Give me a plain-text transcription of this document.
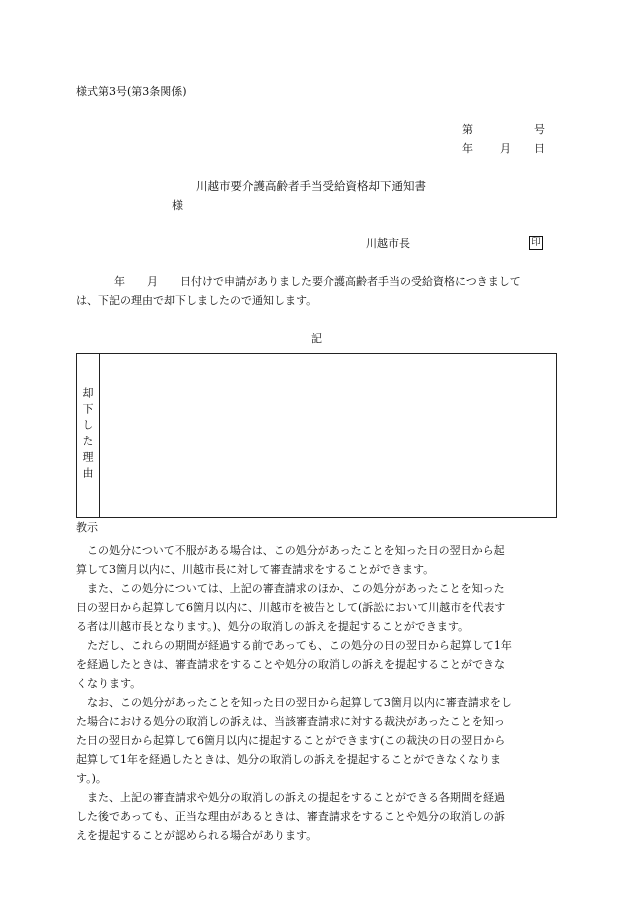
様式第3号(第3条関係)
第	号
年 月 日
川越市要介護高齢者手当受給資格却下通知書
様
川越市長	印
年 月 日付けで申請がありました要介護高齢者手当の受給資格につきまして
は、下記の理由で却下しましたので通知します。
記
却下した理由
教示
　この処分について不服がある場合は、この処分があったことを知った日の翌日から起
算して3箇月以内に、川越市長に対して審査請求をすることができます。
　また、この処分については、上記の審査請求のほか、この処分があったことを知った
日の翌日から起算して6箇月以内に、川越市を被告として(訴訟において川越市を代表す
る者は川越市長となります。)、処分の取消しの訴えを提起することができます。
　ただし、これらの期間が経過する前であっても、この処分の日の翌日から起算して1年
を経過したときは、審査請求をすることや処分の取消しの訴えを提起することができな
くなります。
　なお、この処分があったことを知った日の翌日から起算して3箇月以内に審査請求をし
た場合における処分の取消しの訴えは、当該審査請求に対する裁決があったことを知っ
た日の翌日から起算して6箇月以内に提起することができます(この裁決の日の翌日から
起算して1年を経過したときは、処分の取消しの訴えを提起することができなくなりま
す。)。
　また、上記の審査請求や処分の取消しの訴えの提起をすることができる各期間を経過
した後であっても、正当な理由があるときは、審査請求をすることや処分の取消しの訴
えを提起することが認められる場合があります。
